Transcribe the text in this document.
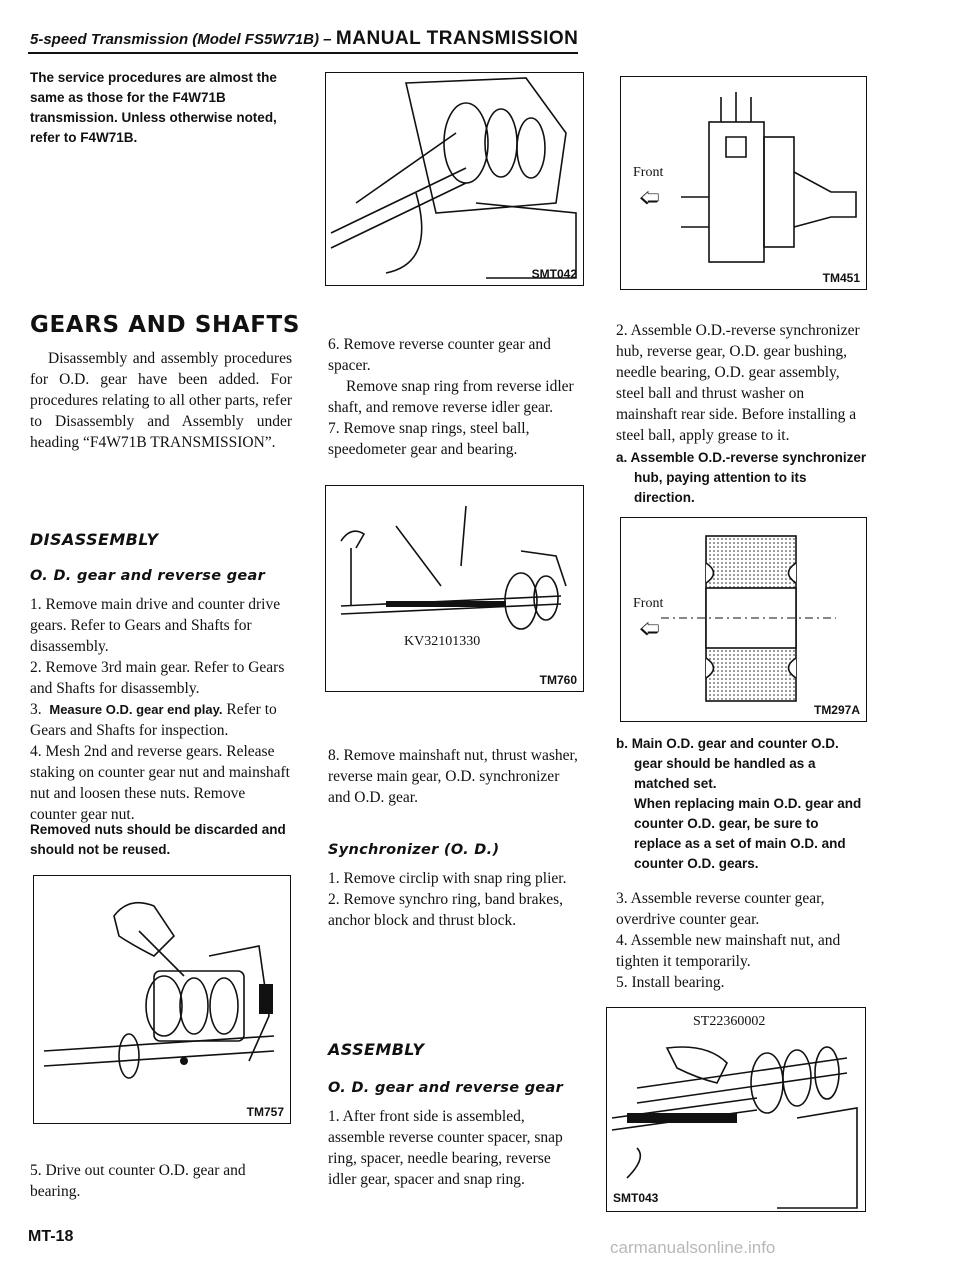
5-speed Transmission (Model FS5W71B) – MANUAL TRANSMISSION
The service procedures are almost the same as those for the F4W71B transmission. Unless otherwise noted, refer to F4W71B.
GEARS AND SHAFTS

Disassembly and assembly procedures for O.D. gear have been added. For procedures relating to all other parts, refer to Disassembly and Assembly under heading “F4W71B TRANSMISSION”.

DISASSEMBLY
O. D. gear and reverse gear

1. Remove main drive and counter drive gears. Refer to Gears and Shafts for disassembly.

2. Remove 3rd main gear. Refer to Gears and Shafts for disassembly.

3. Measure O.D. gear end play. Refer to Gears and Shafts for inspection.

4. Mesh 2nd and reverse gears. Release staking on counter gear nut and mainshaft nut and loosen these nuts. Remove counter gear nut.

Removed nuts should be discarded and should not be reused.
TM757
5. Drive out counter O.D. gear and bearing.
SMT042

6. Remove reverse counter gear and spacer.

Remove snap ring from reverse idler shaft, and remove reverse idler gear.

7. Remove snap rings, steel ball, speedometer gear and bearing.

KV32101330
TM760
8. Remove mainshaft nut, thrust washer, reverse main gear, O.D. synchronizer and O.D. gear.
Synchronizer (O. D.)

1. Remove circlip with snap ring plier.

2. Remove synchro ring, band brakes, anchor block and thrust block.

ASSEMBLY
O. D. gear and reverse gear
1. After front side is assembled, assemble reverse counter spacer, snap ring, spacer, needle bearing, reverse idler gear, spacer and snap ring.
Front
🢠
TM451
2. Assemble O.D.-reverse synchronizer hub, reverse gear, O.D. gear bushing, needle bearing, O.D. gear assembly, steel ball and thrust washer on mainshaft rear side. Before installing a steel ball, apply grease to it.

a. Assemble O.D.-reverse synchronizer hub, paying attention to its direction.

Front
🢠
TM297A

b. Main O.D. gear and counter O.D. gear should be handled as a matched set.

When replacing main O.D. gear and counter O.D. gear, be sure to replace as a set of main O.D. and counter O.D. gears.

3. Assemble reverse counter gear, overdrive counter gear.

4. Assemble new mainshaft nut, and tighten it temporarily.

5. Install bearing.

ST22360002
SMT043
MT-18
carmanualsonline.info
